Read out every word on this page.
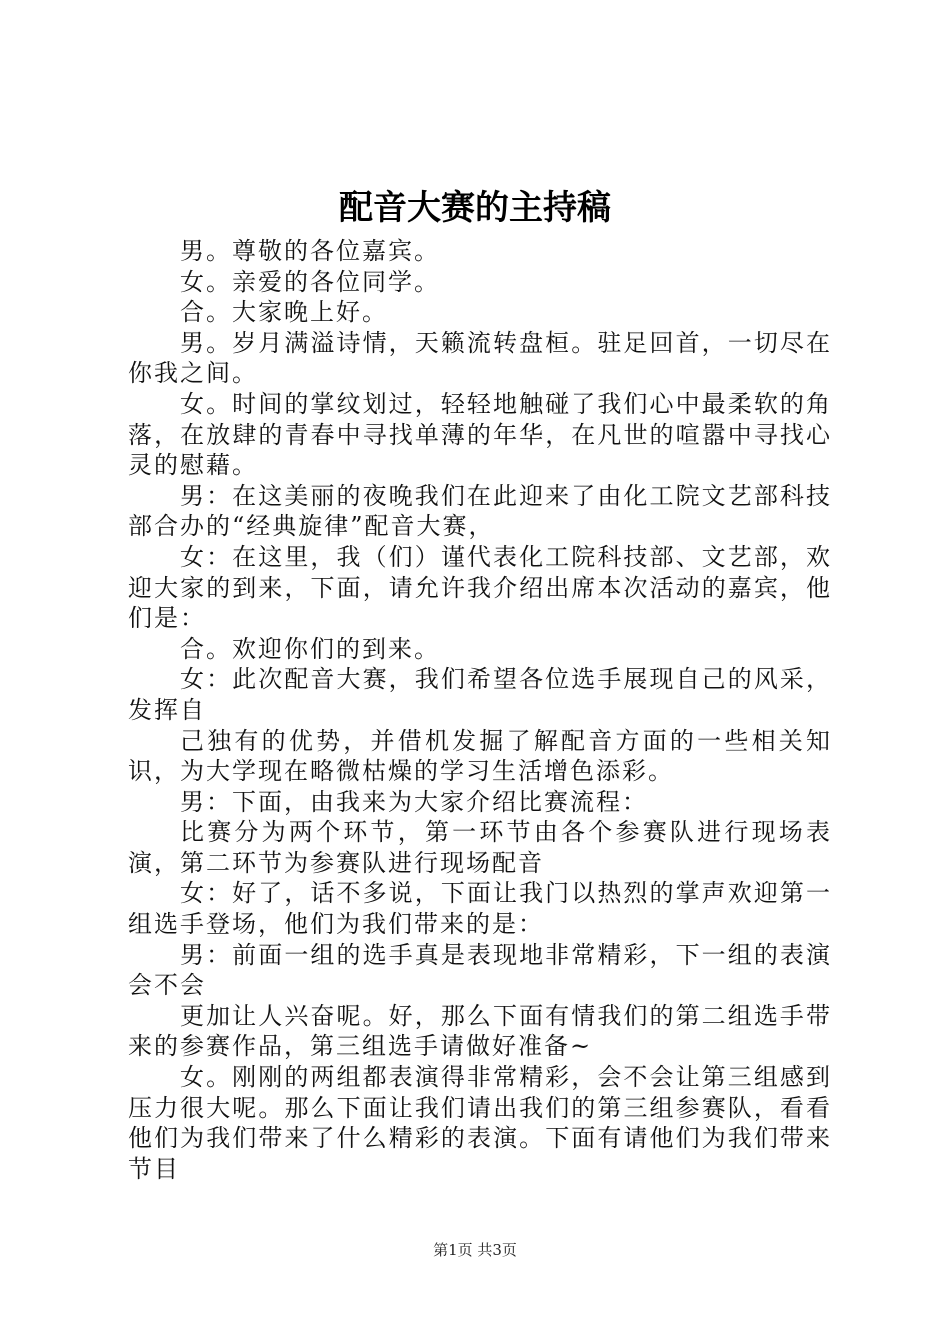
配音大赛的主持稿

男。尊敬的各位嘉宾。

女。亲爱的各位同学。

合。大家晚上好。

男。岁月满溢诗情，天籁流转盘桓。驻足回首，一切尽在你我之间。

女。时间的掌纹划过，轻轻地触碰了我们心中最柔软的角落，在放肆的青春中寻找单薄的年华，在凡世的喧嚣中寻找心灵的慰藉。

男：在这美丽的夜晚我们在此迎来了由化工院文艺部科技部合办的“经典旋律”配音大赛，

女：在这里，我（们）谨代表化工院科技部、文艺部，欢迎大家的到来，下面，请允许我介绍出席本次活动的嘉宾，他们是：

合。欢迎你们的到来。

女：此次配音大赛，我们希望各位选手展现自己的风采，发挥自

己独有的优势，并借机发掘了解配音方面的一些相关知识，为大学现在略微枯燥的学习生活增色添彩。

男：下面，由我来为大家介绍比赛流程：

比赛分为两个环节，第一环节由各个参赛队进行现场表演，第二环节为参赛队进行现场配音

女：好了，话不多说，下面让我门以热烈的掌声欢迎第一组选手登场，他们为我们带来的是：

男：前面一组的选手真是表现地非常精彩，下一组的表演会不会

更加让人兴奋呢。好，那么下面有情我们的第二组选手带来的参赛作品，第三组选手请做好准备~

女。刚刚的两组都表演得非常精彩，会不会让第三组感到压力很大呢。那么下面让我们请出我们的第三组参赛队，看看他们为我们带来了什么精彩的表演。下面有请他们为我们带来节目

第1页 共3页
